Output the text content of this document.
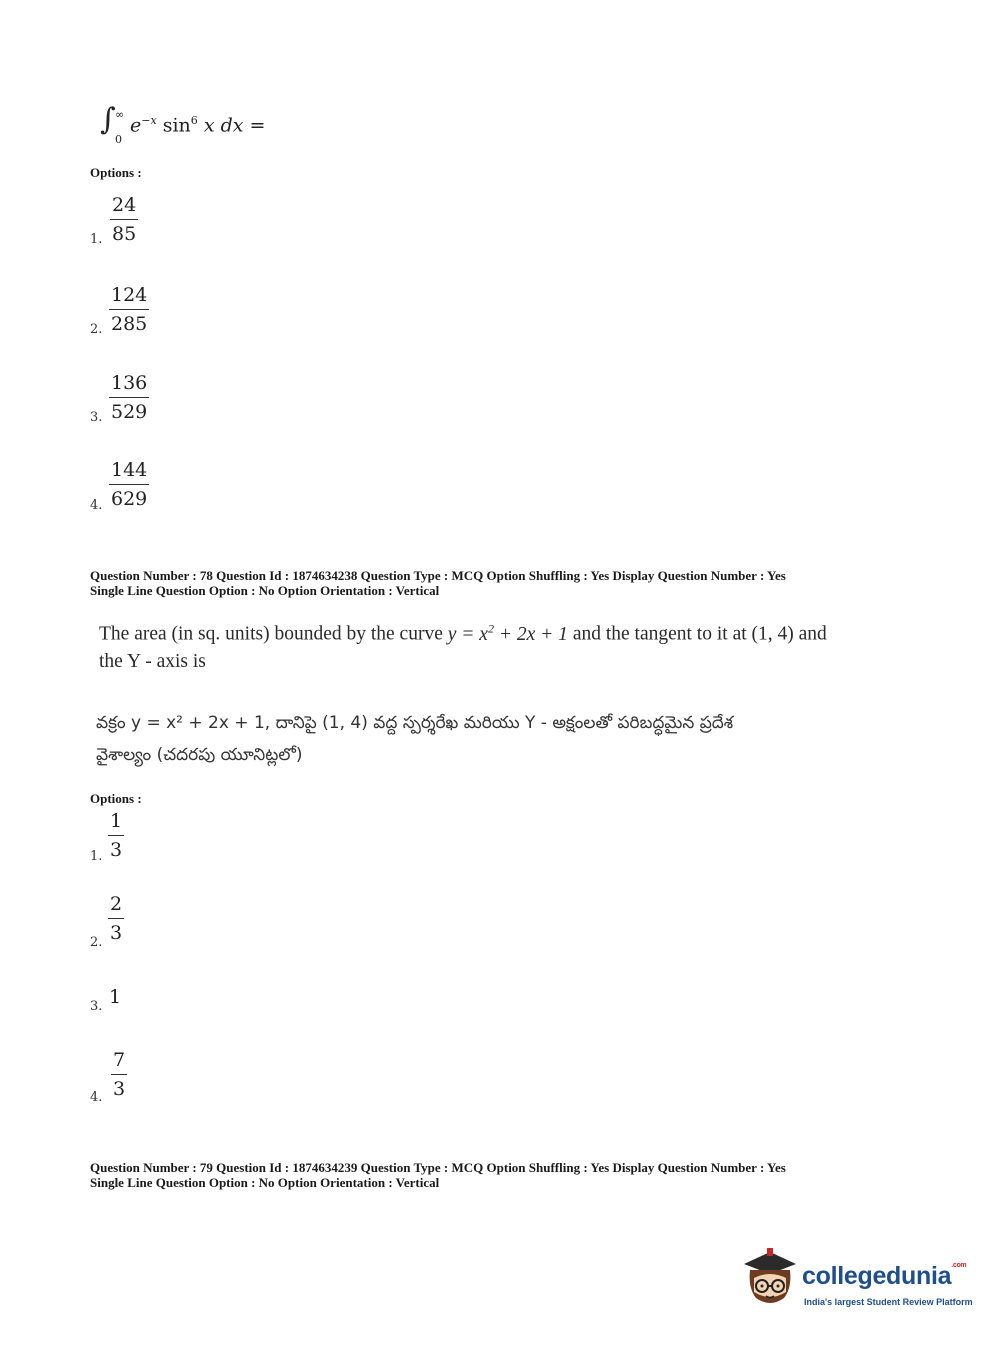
∫ ∞
0
$e^{-x}$ $\sin^6 x$ dx =
Options :
1. $\frac{24}{85}$
2. $\frac{124}{285}$
3. $\frac{136}{529}$
4. $\frac{144}{629}$
Question Number : 78 Question Id : 1874634238 Question Type : MCQ Option Shuffling : Yes Display Question Number : Yes
Single Line Question Option : No Option Orientation : Vertical
The area (in sq. units) bounded by the curve $y = x^2 + 2x + 1$ and the tangent to it at (1, 4) and
the Y - axis is
వక్రం y = x² + 2x + 1, దానిపై (1, 4) వద్ద స్పర్శరేఖ మరియు Y - అక్షంలతో పరిబద్ధమైన ప్రదేశ
వైశాల్యం (చదరపు యూనిట్లలో)
Options :
1. $\frac{1}{3}$
2. $\frac{2}{3}$
3. 1
4. $\frac{7}{3}$
Question Number : 79 Question Id : 1874634239 Question Type : MCQ Option Shuffling : Yes Display Question Number : Yes
Single Line Question Option : No Option Orientation : Vertical
collegedunia$^{.com}$
India's largest Student Review Platform
